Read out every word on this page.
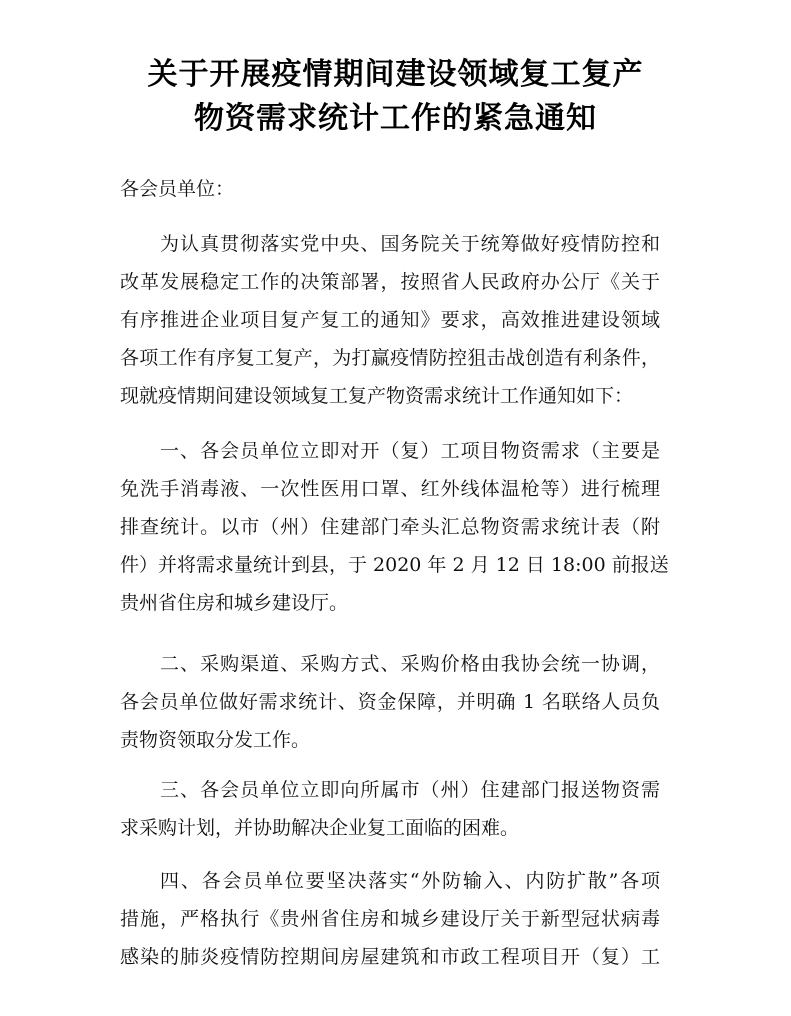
关于开展疫情期间建设领域复工复产
物资需求统计工作的紧急通知
各会员单位：
为认真贯彻落实党中央、国务院关于统筹做好疫情防控和
改革发展稳定工作的决策部署，按照省人民政府办公厅《关于
有序推进企业项目复产复工的通知》要求，高效推进建设领域
各项工作有序复工复产，为打赢疫情防控狙击战创造有利条件，
现就疫情期间建设领域复工复产物资需求统计工作通知如下：
一、各会员单位立即对开（复）工项目物资需求（主要是
免洗手消毒液、一次性医用口罩、红外线体温枪等）进行梳理
排查统计。以市（州）住建部门牵头汇总物资需求统计表（附
件）并将需求量统计到县，于 2020 年 2 月 12 日 18:00 前报送
贵州省住房和城乡建设厅。
二、采购渠道、采购方式、采购价格由我协会统一协调，
各会员单位做好需求统计、资金保障，并明确 1 名联络人员负
责物资领取分发工作。
三、各会员单位立即向所属市（州）住建部门报送物资需
求采购计划，并协助解决企业复工面临的困难。
四、各会员单位要坚决落实“外防输入、内防扩散”各项
措施，严格执行《贵州省住房和城乡建设厅关于新型冠状病毒
感染的肺炎疫情防控期间房屋建筑和市政工程项目开（复）工
